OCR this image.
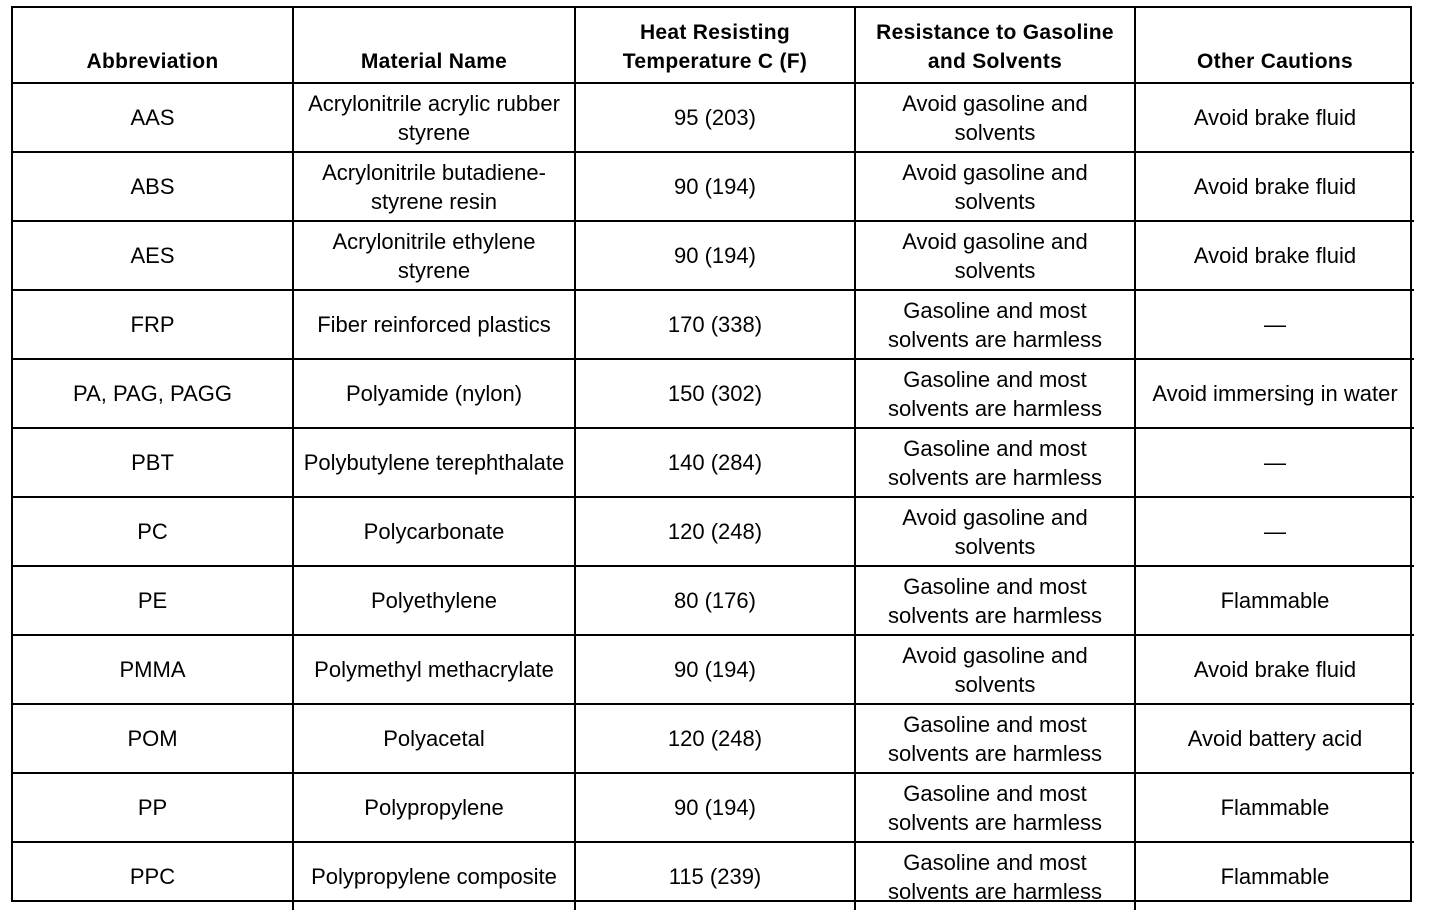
Abbreviation	Material Name	Heat Resisting Temperature C (F)	Resistance to Gasoline and Solvents	Other Cautions
AAS	Acrylonitrile acrylic rubber styrene	95 (203)	Avoid gasoline and solvents	Avoid brake fluid
ABS	Acrylonitrile butadiene-styrene resin	90 (194)	Avoid gasoline and solvents	Avoid brake fluid
AES	Acrylonitrile ethylene styrene	90 (194)	Avoid gasoline and solvents	Avoid brake fluid
FRP	Fiber reinforced plastics	170 (338)	Gasoline and most solvents are harmless	—
PA, PAG, PAGG	Polyamide (nylon)	150 (302)	Gasoline and most solvents are harmless	Avoid immersing in water
PBT	Polybutylene terephthalate	140 (284)	Gasoline and most solvents are harmless	—
PC	Polycarbonate	120 (248)	Avoid gasoline and solvents	—
PE	Polyethylene	80 (176)	Gasoline and most solvents are harmless	Flammable
PMMA	Polymethyl methacrylate	90 (194)	Avoid gasoline and solvents	Avoid brake fluid
POM	Polyacetal	120 (248)	Gasoline and most solvents are harmless	Avoid battery acid
PP	Polypropylene	90 (194)	Gasoline and most solvents are harmless	Flammable
PPC	Polypropylene composite	115 (239)	Gasoline and most solvents are harmless	Flammable
